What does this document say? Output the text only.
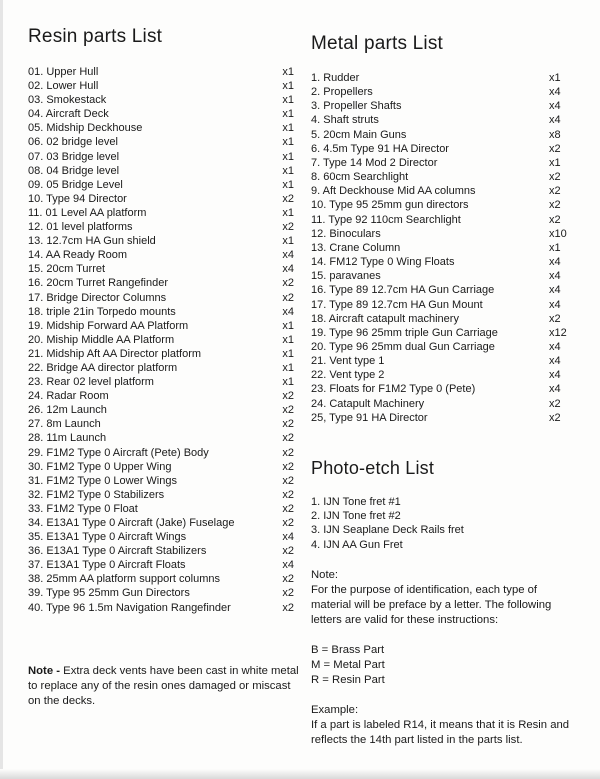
Resin parts List
01. Upper Hull	x1
02. Lower Hull	x1
03. Smokestack	x1
04. Aircraft Deck	x1
05. Midship Deckhouse	x1
06. 02 bridge level	x1
07. 03 Bridge level	x1
08. 04 Bridge level	x1
09. 05 Bridge Level	x1
10. Type 94 Director	x2
11. 01 Level AA platform	x1
12. 01 level platforms	x2
13. 12.7cm HA Gun shield	x1
14. AA Ready Room	x4
15. 20cm Turret	x4
16. 20cm Turret Rangefinder	x2
17. Bridge Director Columns	x2
18. triple 21in Torpedo mounts	x4
19. Midship Forward AA Platform	x1
20. Miship Middle AA Platform	x1
21. Midship Aft AA Director platform	x1
22. Bridge AA director platform	x1
23. Rear 02 level platform	x1
24. Radar Room	x2
26. 12m Launch	x2
27. 8m Launch	x2
28. 11m Launch	x2
29. F1M2 Type 0 Aircraft (Pete) Body	x2
30. F1M2 Type 0 Upper Wing	x2
31. F1M2 Type 0 Lower Wings	x2
32. F1M2 Type 0 Stabilizers	x2
33. F1M2 Type 0 Float	x2
34. E13A1 Type 0 Aircraft (Jake) Fuselage	x2
35. E13A1 Type 0 Aircraft Wings	x4
36. E13A1 Type 0 Aircraft Stabilizers	x2
37. E13A1 Type 0 Aircraft Floats	x4
38. 25mm AA platform support columns	x2
39. Type 95 25mm Gun Directors	x2
40. Type 96 1.5m Navigation Rangefinder	x2
Note - Extra deck vents have been cast in white metal to replace any of the resin ones damaged or miscast on the decks.
Metal parts List
1. Rudder	x1
2. Propellers	x4
3. Propeller Shafts	x4
4. Shaft struts	x4
5. 20cm Main Guns	x8
6. 4.5m Type 91 HA Director	x2
7. Type 14 Mod 2 Director	x1
8. 60cm Searchlight	x2
9. Aft Deckhouse Mid AA columns	x2
10. Type 95 25mm gun directors	x2
11. Type 92 110cm Searchlight	x2
12. Binoculars	x10
13. Crane Column	x1
14. FM12 Type 0 Wing Floats	x4
15. paravanes	x4
16. Type 89 12.7cm HA Gun Carriage	x4
17. Type 89 12.7cm HA Gun Mount	x4
18. Aircraft catapult machinery	x2
19. Type 96 25mm triple Gun Carriage	x12
20. Type 96 25mm dual Gun Carriage	x4
21. Vent type 1	x4
22. Vent type 2	x4
23. Floats for F1M2 Type 0 (Pete)	x4
24. Catapult Machinery	x2
25, Type 91 HA Director	x2
Photo-etch List
1. IJN Tone fret #1
2. IJN Tone fret #2
3. IJN Seaplane Deck Rails fret
4. IJN AA Gun Fret

Note:

For the purpose of identification, each type of material will be preface by a letter. The following letters are valid for these instructions:

B = Brass Part

M = Metal Part

R = Resin Part

Example:

If a part is labeled R14, it means that it is Resin and reflects the 14th part listed in the parts list.
